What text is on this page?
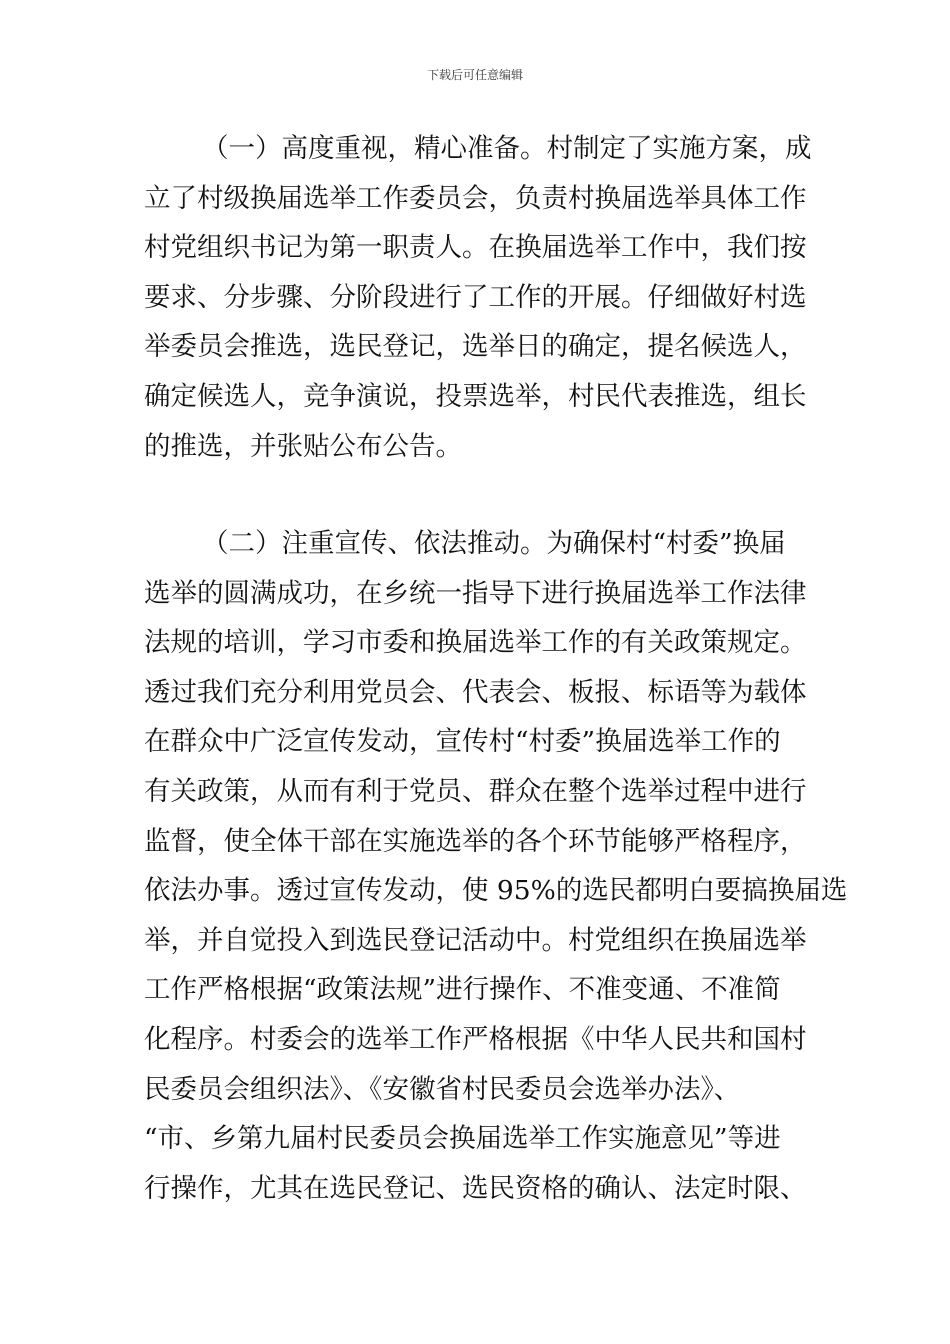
下载后可任意编辑
（一）高度重视，精心准备。村制定了实施方案，成
立了村级换届选举工作委员会，负责村换届选举具体工作
村党组织书记为第一职责人。在换届选举工作中，我们按
要求、分步骤、分阶段进行了工作的开展。仔细做好村选
举委员会推选，选民登记，选举日的确定，提名候选人，
确定候选人，竞争演说，投票选举，村民代表推选，组长
的推选，并张贴公布公告。
（二）注重宣传、依法推动。为确保村“村委”换届
选举的圆满成功，在乡统一指导下进行换届选举工作法律
法规的培训，学习市委和换届选举工作的有关政策规定。
透过我们充分利用党员会、代表会、板报、标语等为载体
在群众中广泛宣传发动，宣传村“村委”换届选举工作的
有关政策，从而有利于党员、群众在整个选举过程中进行
监督，使全体干部在实施选举的各个环节能够严格程序，
依法办事。透过宣传发动，使 95%的选民都明白要搞换届选
举，并自觉投入到选民登记活动中。村党组织在换届选举
工作严格根据“政策法规”进行操作、不准变通、不准简
化程序。村委会的选举工作严格根据《中华人民共和国村
民委员会组织法》、《安徽省村民委员会选举办法》、
“市、乡第九届村民委员会换届选举工作实施意见”等进
行操作，尤其在选民登记、选民资格的确认、法定时限、
